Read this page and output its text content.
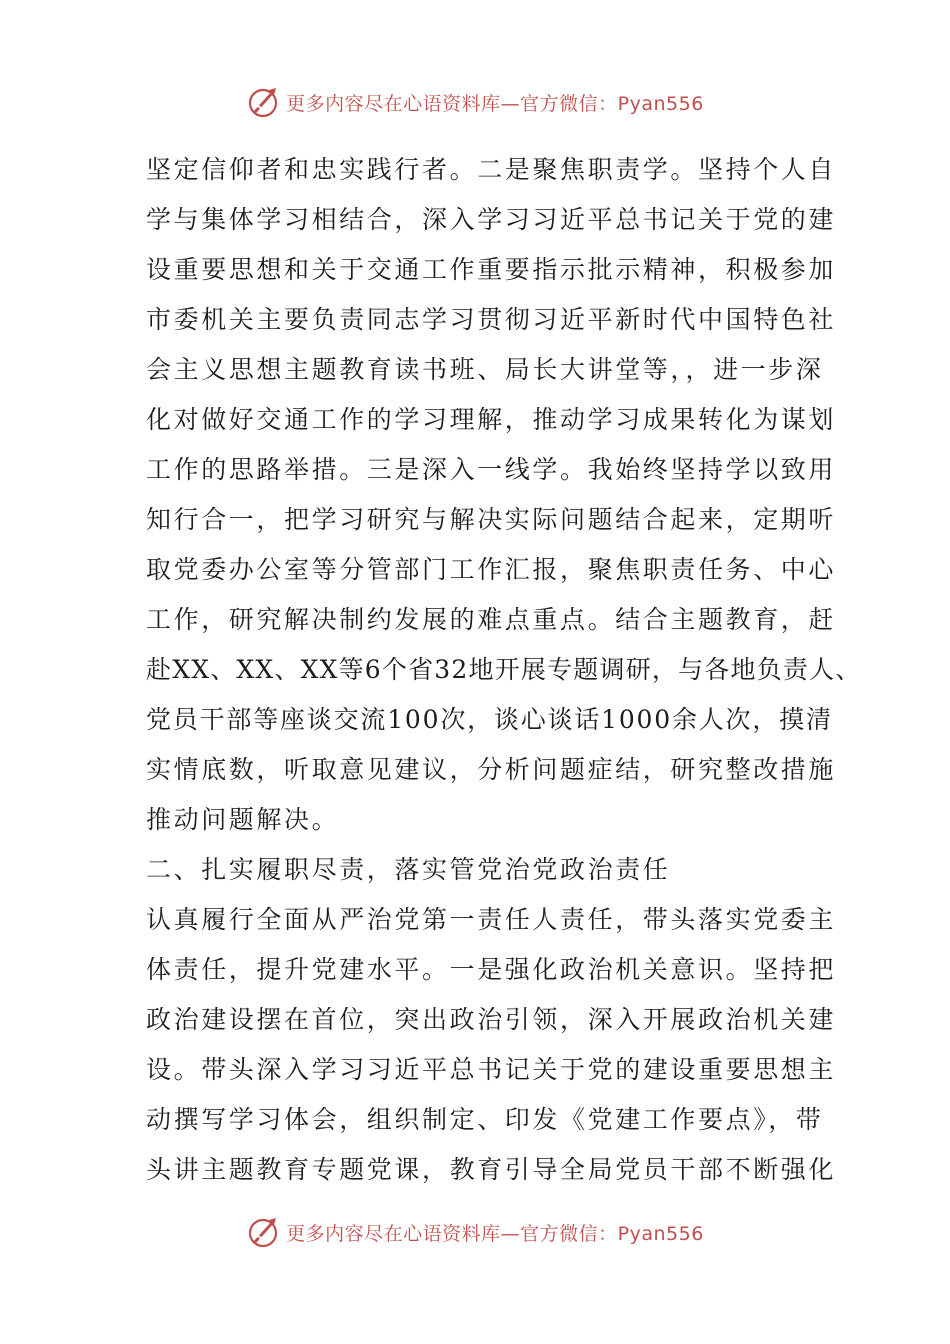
更多内容尽在心语资料库—官方微信：Pyan556
坚定信仰者和忠实践行者。二是聚焦职责学。坚持个人自
学与集体学习相结合，深入学习习近平总书记关于党的建
设重要思想和关于交通工作重要指示批示精神，积极参加
市委机关主要负责同志学习贯彻习近平新时代中国特色社
会主义思想主题教育读书班、局长大讲堂等，，进一步深
化对做好交通工作的学习理解，推动学习成果转化为谋划
工作的思路举措。三是深入一线学。我始终坚持学以致用
知行合一，把学习研究与解决实际问题结合起来，定期听
取党委办公室等分管部门工作汇报，聚焦职责任务、中心
工作，研究解决制约发展的难点重点。结合主题教育，赶
赴XX、XX、XX等6个省32地开展专题调研，与各地负责人、
党员干部等座谈交流100次，谈心谈话1000余人次，摸清
实情底数，听取意见建议，分析问题症结，研究整改措施
推动问题解决。
二、扎实履职尽责，落实管党治党政治责任
认真履行全面从严治党第一责任人责任，带头落实党委主
体责任，提升党建水平。一是强化政治机关意识。坚持把
政治建设摆在首位，突出政治引领，深入开展政治机关建
设。带头深入学习习近平总书记关于党的建设重要思想主
动撰写学习体会，组织制定、印发《党建工作要点》，带
头讲主题教育专题党课，教育引导全局党员干部不断强化
更多内容尽在心语资料库—官方微信：Pyan556
